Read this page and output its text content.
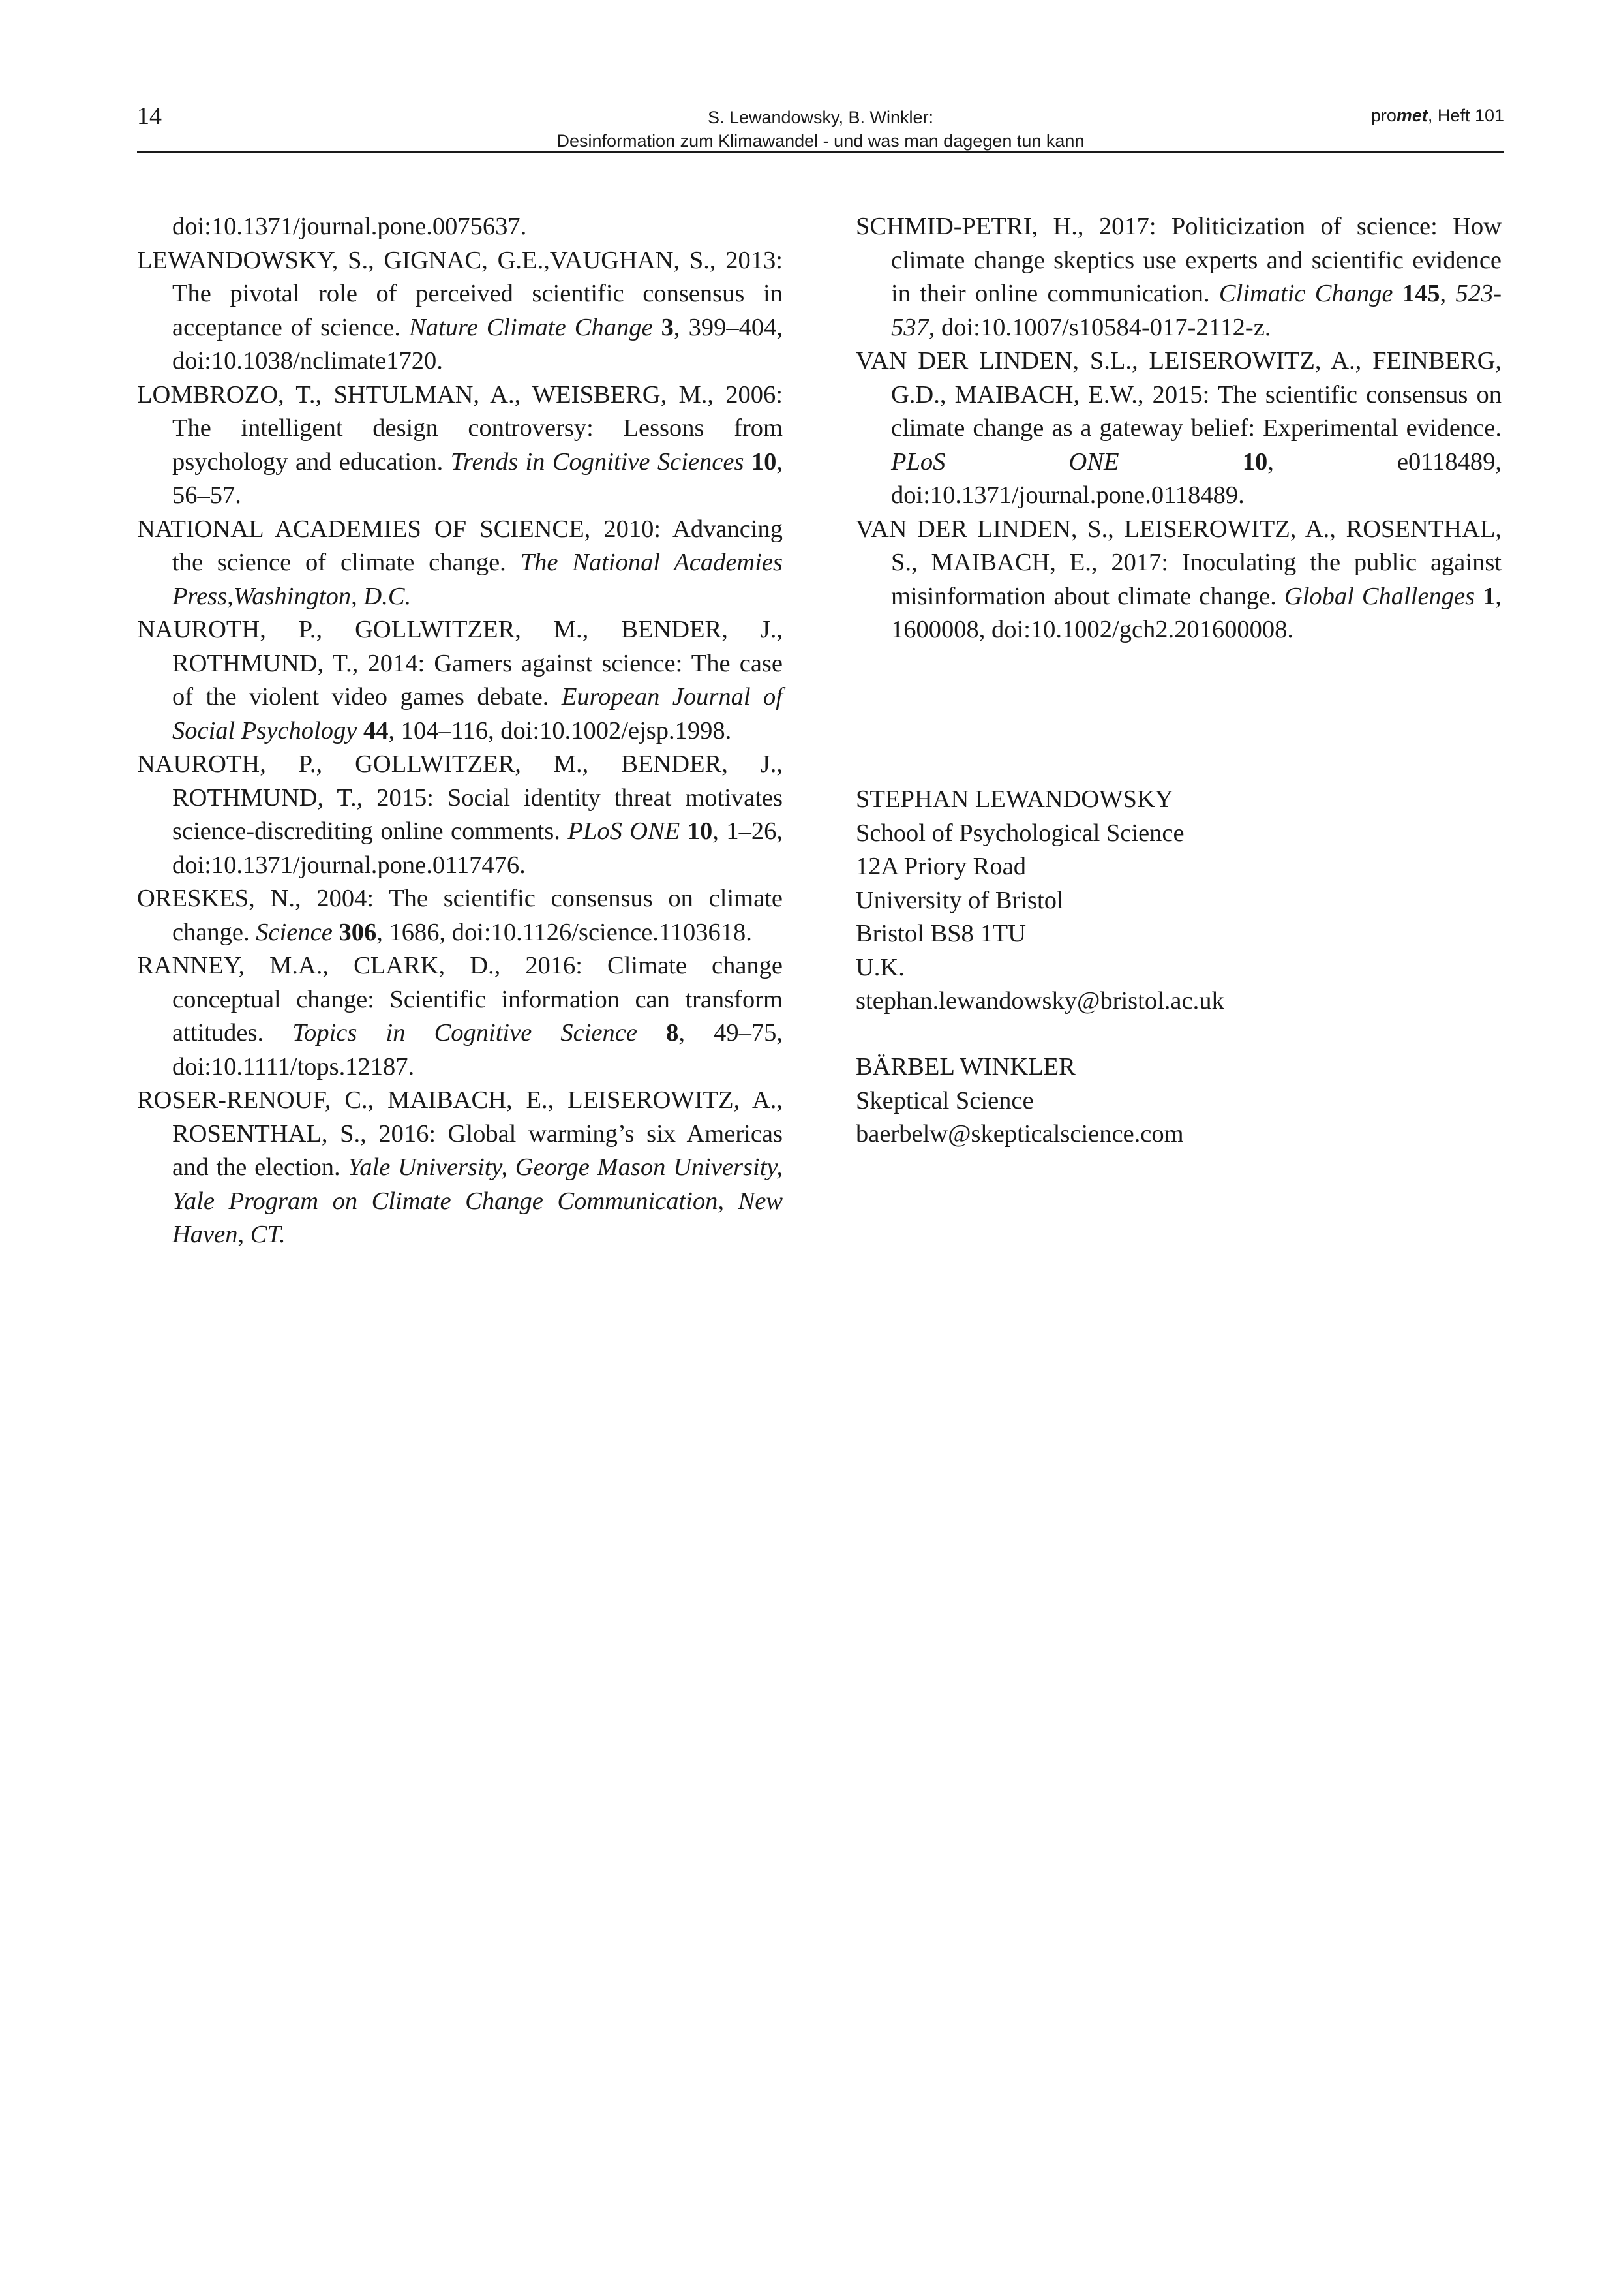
14	S. Lewandowsky, B. Winkler:
Desinformation zum Klimawandel - und was man dagegen tun kann
promet, Heft 101

doi:10.1371/journal.pone.0075637.

LEWANDOWSKY, S., GIGNAC, G.E.,VAUGHAN, S., 2013: The pivotal role of perceived scientific consensus in acceptance of science. Nature Climate Change 3, 399–404, doi:10.1038/nclimate1720.

LOMBROZO, T., SHTULMAN, A., WEISBERG, M., 2006: The intelligent design controversy: Lessons from psychology and education. Trends in Cognitive Sciences 10, 56–57.

NATIONAL ACADEMIES OF SCIENCE, 2010: Advancing the science of climate change. The National Academies Press,Washington, D.C.

NAUROTH, P., GOLLWITZER, M., BENDER, J., ROTHMUND, T., 2014: Gamers against science: The case of the violent video games debate. European Journal of Social Psychology 44, 104–116, doi:10.1002/ejsp.1998.

NAUROTH, P., GOLLWITZER, M., BENDER, J., ROTHMUND, T., 2015: Social identity threat motivates science-discrediting online comments. PLoS ONE 10, 1–26, doi:10.1371/journal.pone.0117476.

ORESKES, N., 2004: The scientific consensus on climate change. Science 306, 1686, doi:10.1126/science.1103618.

RANNEY, M.A., CLARK, D., 2016: Climate change conceptual change: Scientific information can transform attitudes. Topics in Cognitive Science 8, 49–75, doi:10.1111/tops.12187.

ROSER-RENOUF, C., MAIBACH, E., LEISEROWITZ, A., ROSENTHAL, S., 2016: Global warming’s six Americas and the election. Yale University, George Mason University, Yale Program on Climate Change Communication, New Haven, CT.

SCHMID-PETRI, H., 2017: Politicization of science: How climate change skeptics use experts and scientific evidence in their online communication. Climatic Change 145, 523-537, doi:10.1007/s10584-017-2112-z.

VAN DER LINDEN, S.L., LEISEROWITZ, A., FEINBERG, G.D., MAIBACH, E.W., 2015: The scientific consensus on climate change as a gateway belief: Experimental evidence. PLoS ONE 10, e0118489, doi:10.1371/journal.pone.0118489.

VAN DER LINDEN, S., LEISEROWITZ, A., ROSENTHAL, S., MAIBACH, E., 2017: Inoculating the public against misinformation about climate change. Global Challenges 1, 1600008, doi:10.1002/gch2.201600008.

STEPHAN LEWANDOWSKY
School of Psychological Science
12A Priory Road
University of Bristol
Bristol BS8 1TU
U.K.
stephan.lewandowsky@bristol.ac.uk
BÄRBEL WINKLER
Skeptical Science
baerbelw@skepticalscience.com
